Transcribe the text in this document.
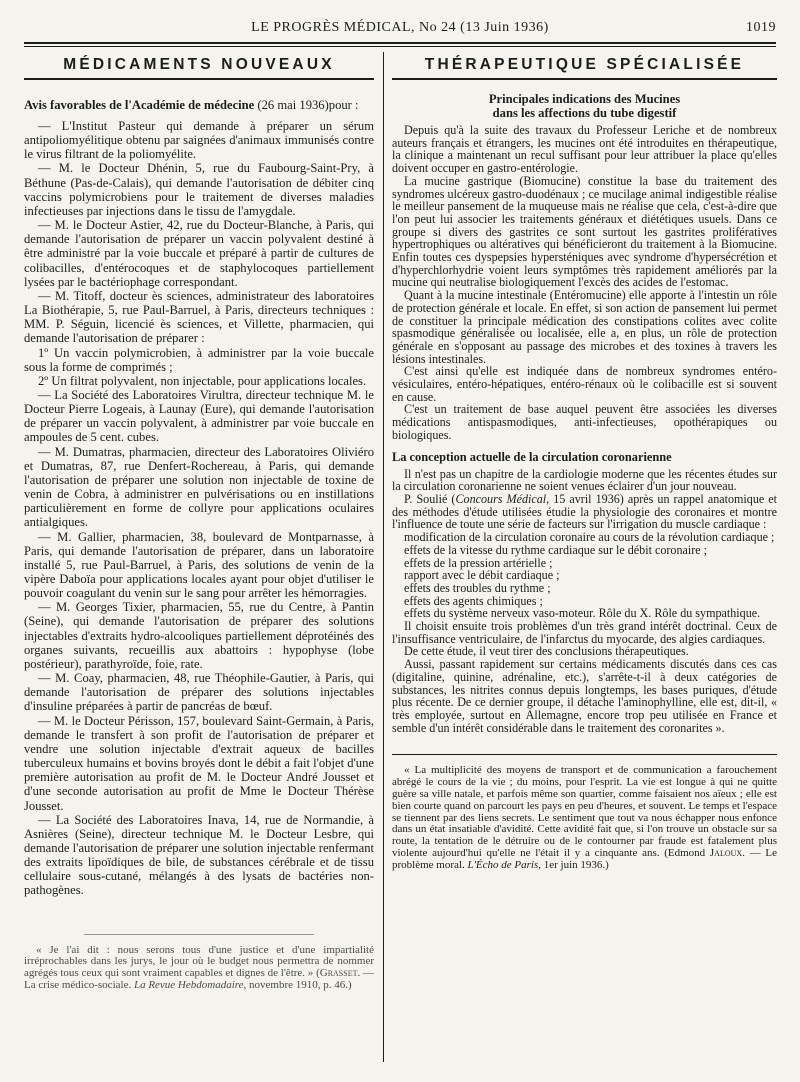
LE PROGRÈS MÉDICAL, No 24 (13 Juin 1936)	1019
MÉDICAMENTS NOUVEAUX

Avis favorables de l'Académie de médecine (26 mai 1936)pour :

— L'Institut Pasteur qui demande à préparer un sérum antipoliomyélitique obtenu par saignées d'animaux immunisés contre le virus filtrant de la poliomyélite.

— M. le Docteur Dhénin, 5, rue du Faubourg-Saint-Pry, à Béthune (Pas-de-Calais), qui demande l'autorisation de débiter cinq vaccins polymicrobiens pour le traitement de diverses maladies infectieuses par injections dans le tissu de l'amygdale.

— M. le Docteur Astier, 42, rue du Docteur-Blanche, à Paris, qui demande l'autorisation de préparer un vaccin polyvalent destiné à être administré par la voie buccale et préparé à partir de cultures de colibacilles, d'entérocoques et de staphylocoques partiellement lysées par le bactériophage correspondant.

— M. Titoff, docteur ès sciences, administrateur des laboratoires La Biothérapie, 5, rue Paul-Barruel, à Paris, directeurs techniques : MM. P. Séguin, licencié ès sciences, et Villette, pharmacien, qui demande l'autorisation de préparer :

1º Un vaccin polymicrobien, à administrer par la voie buccale sous la forme de comprimés ;

2º Un filtrat polyvalent, non injectable, pour applications locales.

— La Société des Laboratoires Virultra, directeur technique M. le Docteur Pierre Logeais, à Launay (Eure), qui demande l'autorisation de préparer un vaccin polyvalent, à administrer par voie buccale en ampoules de 5 cent. cubes.

— M. Dumatras, pharmacien, directeur des Laboratoires Oliviéro et Dumatras, 87, rue Denfert-Rochereau, à Paris, qui demande l'autorisation de préparer une solution non injectable de toxine de venin de Cobra, à administrer en pulvérisations ou en instillations particulièrement en forme de collyre pour applications oculaires antialgiques.

— M. Gallier, pharmacien, 38, boulevard de Montparnasse, à Paris, qui demande l'autorisation de préparer, dans un laboratoire installé 5, rue Paul-Barruel, à Paris, des solutions de venin de la vipère Daboïa pour applications locales ayant pour objet d'utiliser le pouvoir coagulant du venin sur le sang pour arrêter les hémorragies.

— M. Georges Tixier, pharmacien, 55, rue du Centre, à Pantin (Seine), qui demande l'autorisation de préparer des solutions injectables d'extraits hydro-alcooliques partiellement déprotéinés des organes suivants, recueillis aux abattoirs : hypophyse (lobe postérieur), parathyroïde, foie, rate.

— M. Coay, pharmacien, 48, rue Théophile-Gautier, à Paris, qui demande l'autorisation de préparer des solutions injectables d'insuline préparées à partir de pancréas de bœuf.

— M. le Docteur Périsson, 157, boulevard Saint-Germain, à Paris, demande le transfert à son profit de l'autorisation de préparer et vendre une solution injectable d'extrait aqueux de bacilles tuberculeux humains et bovins broyés dont le débit a fait l'objet d'une première autorisation au profit de M. le Docteur André Jousset et d'une seconde autorisation au profit de Mme le Docteur Thérèse Jousset.

— La Société des Laboratoires Inava, 14, rue de Normandie, à Asnières (Seine), directeur technique M. le Docteur Lesbre, qui demande l'autorisation de préparer une solution injectable renfermant des extraits lipoïdiques de bile, de substances cérébrale et de tissu cellulaire sous-cutané, mélangés à des lysats de bactéries non-pathogènes.

« Je l'ai dit : nous serons tous d'une justice et d'une impartialité irréprochables dans les jurys, le jour où le budget nous permettra de nommer agrégés tous ceux qui sont vraiment capables et dignes de l'être. » (Grasset. — La crise médico-sociale. La Revue Hebdomadaire, novembre 1910, p. 46.)

THÉRAPEUTIQUE SPÉCIALISÉE
Principales indications des Mucines
dans les affections du tube digestif

Depuis qu'à la suite des travaux du Professeur Leriche et de nombreux auteurs français et étrangers, les mucines ont été introduites en thérapeutique, la clinique a maintenant un recul suffisant pour leur attribuer la place qu'elles doivent occuper en gastro-entérologie.

La mucine gastrique (Biomucine) constitue la base du traitement des syndromes ulcéreux gastro-duodénaux ; ce mucilage animal indigestible réalise le meilleur pansement de la muqueuse mais ne réalise que cela, c'est-à-dire que l'on peut lui associer les traitements généraux et diététiques usuels. Dans ce groupe si divers des gastrites ce sont surtout les gastrites prolifératives hypertrophiques ou altératives qui bénéficieront du traitement à la Biomucine. Enfin toutes ces dyspepsies hypersténiques avec syndrome d'hypersécrétion et d'hyperchlorhydrie voient leurs symptômes très rapidement améliorés par la mucine qui neutralise biologiquement l'excès des acides de l'estomac.

Quant à la mucine intestinale (Entéromucine) elle apporte à l'intestin un rôle de protection générale et locale. En effet, si son action de pansement lui permet de constituer la principale médication des constipations colites avec colite spasmodique généralisée ou localisée, elle a, en plus, un rôle de protection générale en s'opposant au passage des microbes et des toxines à travers les lésions intestinales.

C'est ainsi qu'elle est indiquée dans de nombreux syndromes entéro-vésiculaires, entéro-hépatiques, entéro-rénaux où le colibacille est si souvent en cause.

C'est un traitement de base auquel peuvent être associées les diverses médications antispasmodiques, anti-infectieuses, opothérapiques ou biologiques.

La conception actuelle de la circulation coronarienne

Il n'est pas un chapitre de la cardiologie moderne que les récentes études sur la circulation coronarienne ne soient venues éclairer d'un jour nouveau.

P. Soulié (Concours Médical, 15 avril 1936) après un rappel anatomique et des méthodes d'étude utilisées étudie la physiologie des coronaires et montre l'influence de toute une série de facteurs sur l'irrigation du muscle cardiaque :

modification de la circulation coronaire au cours de la révolution cardiaque ;

effets de la vitesse du rythme cardiaque sur le débit coronaire ;

effets de la pression artérielle ;

rapport avec le débit cardiaque ;

effets des troubles du rythme ;

effets des agents chimiques ;

effets du système nerveux vaso-moteur. Rôle du X. Rôle du sympathique.

Il choisit ensuite trois problèmes d'un très grand intérêt doctrinal. Ceux de l'insuffisance ventriculaire, de l'infarctus du myocarde, des algies cardiaques.

De cette étude, il veut tirer des conclusions thérapeutiques.

Aussi, passant rapidement sur certains médicaments discutés dans ces cas (digitaline, quinine, adrénaline, etc.), s'arrête-t-il à deux catégories de substances, les nitrites connus depuis longtemps, les bases puriques, d'étude plus récente. De ce dernier groupe, il détache l'aminophylline, elle est, dit-il, « très employée, surtout en Allemagne, encore trop peu utilisée en France et semble d'un intérêt considérable dans le traitement des coronarites ».

« La multiplicité des moyens de transport et de communication a farouchement abrégé le cours de la vie ; du moins, pour l'esprit. La vie est longue à qui ne quitte guère sa ville natale, et parfois même son quartier, comme faisaient nos aïeux ; elle est bien courte quand on parcourt les pays en peu d'heures, et souvent. Le temps et l'espace se tiennent par des liens secrets. Le sentiment que tout va nous échapper nous enfonce dans un état insatiable d'avidité. Cette avidité fait que, si l'on trouve un obstacle sur sa route, la tentation de le détruire ou de le contourner par fraude est fatalement plus violente aujourd'hui qu'elle ne l'était il y a cinquante ans. (Edmond Jaloux. — Le problème moral. L'Écho de Paris, 1er juin 1936.)
